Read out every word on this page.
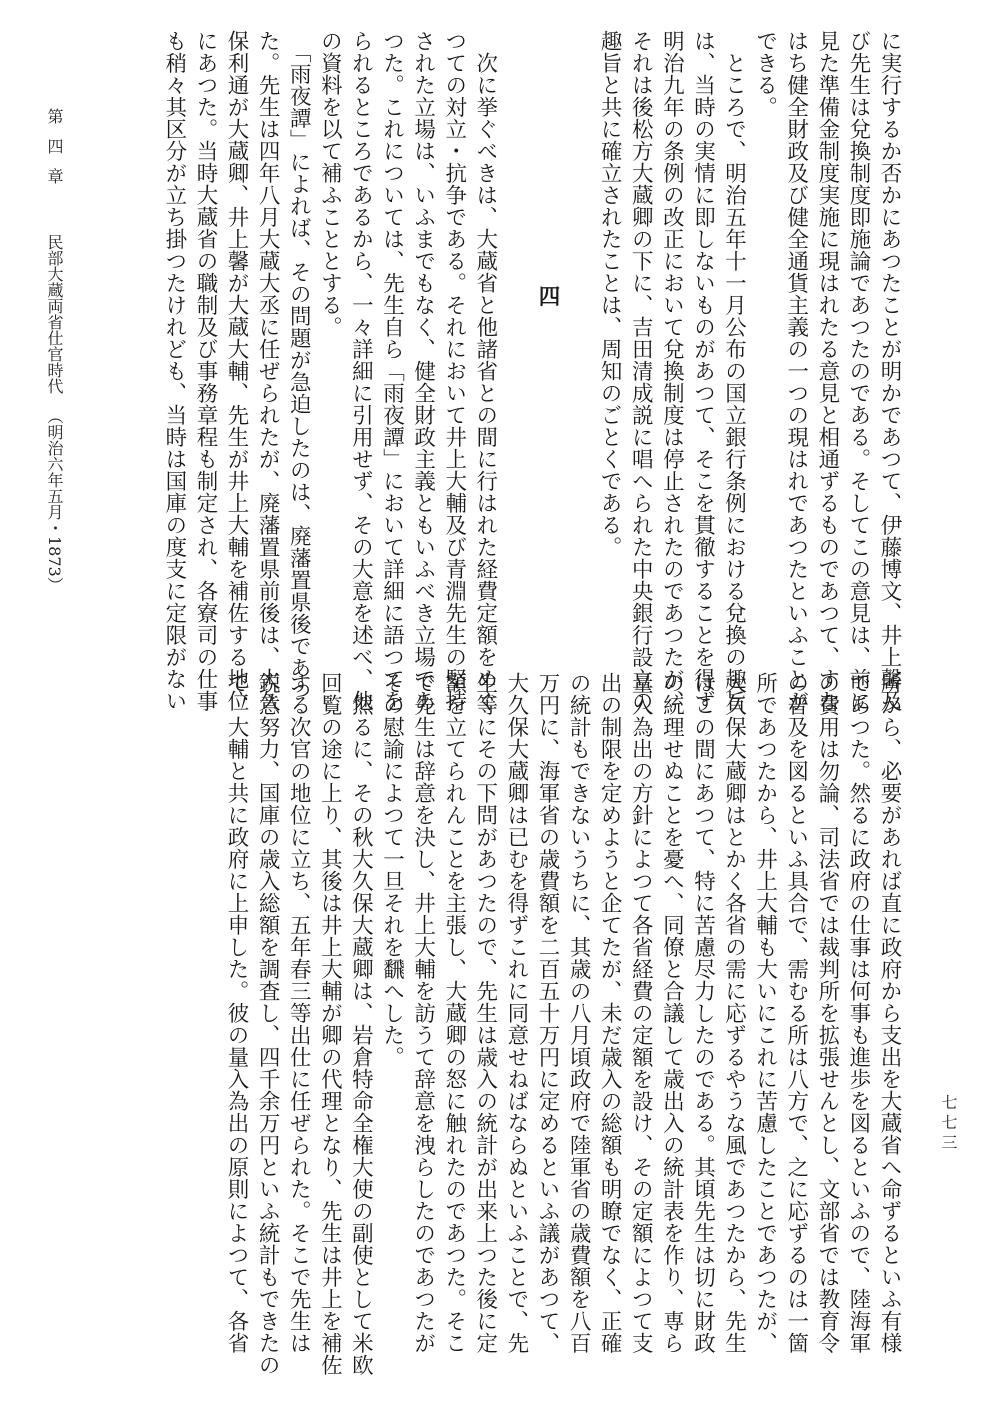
に実行するか否かにあつたことが明かであつて、伊藤博文、井上馨及
び先生は兌換制度即施論であつたのである。そしてこの意見は、前に
見た準備金制度実施に現はれたる意見と相通ずるものであつて、すな
はち健全財政及び健全通貨主義の一つの現はれであつたといふことが
できる。
　ところで、明治五年十一月公布の国立銀行条例における兌換の趣旨
は、当時の実情に即しないものがあつて、そこを貫徹することを得ず
明治九年の条例の改正において兌換制度は停止されたのであつたが、
それは後松方大蔵卿の下に、吉田清成説に唱へられた中央銀行設立の
趣旨と共に確立されたことは、周知のごとくである。

四

　次に挙ぐべきは、大蔵省と他諸省との間に行はれた経費定額をめぐ
つての対立・抗争である。それにおいて井上大輔及び青淵先生の堅持
された立場は、いふまでもなく、健全財政主義ともいふべき立場であ
つた。これについては、先生自ら「雨夜譚」において詳細に語つてを
られるところであるから、一々詳細に引用せず、その大意を述べ、他
の資料を以て補ふこととする。
　「雨夜譚」によれば、その問題が急迫したのは、廃藩置県後であつ
た。先生は四年八月大蔵大丞に任ぜられたが、廃藩置県前後は、大久
保利通が大蔵卿、井上馨が大蔵大輔、先生が井上大輔を補佐する地位
にあつた。当時大蔵省の職制及び事務章程も制定され、各寮司の仕事
も稍々其区分が立ち掛つたけれども、当時は国庫の度支に定限がない
所から、必要があれば直に政府から支出を大蔵省へ命ずるといふ有様
であつた。然るに政府の仕事は何事も進歩を図るといふので、陸海軍
の費用は勿論、司法省では裁判所を拡張せんとし、文部省では教育令
の普及を図るといふ具合で、需むる所は八方で、之に応ずるのは一箇
所であつたから、井上大輔も大いにこれに苦慮したことであつたが、
大久保大蔵卿はとかく各省の需に応ずるやうな風であつたから、先生
はこの間にあつて、特に苦慮尽力したのである。其頃先生は切に財政
の統理せぬことを憂へ、同僚と合議して歳出入の統計表を作り、専ら
量入為出の方針によつて各省経費の定額を設け、その定額によつて支
出の制限を定めようと企てたが、未だ歳入の総額も明瞭でなく、正確
の統計もできないうちに、其歳の八月頃政府で陸軍省の歳費額を八百
万円に、海軍省の歳費額を二百五十万円に定めるといふ議があつて、
大久保大蔵卿は已むを得ずこれに同意せねばならぬといふことで、先
生等にその下問があつたので、先生は歳入の統計が出来上つた後に定
額を立てられんことを主張し、大蔵卿の怒に触れたのであつた。そこ
で先生は辞意を決し、井上大輔を訪うて辞意を洩らしたのであつたが
その慰諭によつて一旦それを飜へした。
　然るに、その秋大久保大蔵卿は、岩倉特命全権大使の副使として米欧
回覧の途に上り、其後は井上大輔が卿の代理となり、先生は井上を補佐
する次官の地位に立ち、五年春三等出仕に任ぜられた。そこで先生は
鋭意努力、国庫の歳入総額を調査し、四千余万円といふ統計もできたの
で、大輔と共に政府に上申した。彼の量入為出の原則によつて、各省
第四章民部大蔵両省仕官時代（明治六年五月・1873）
七七三
